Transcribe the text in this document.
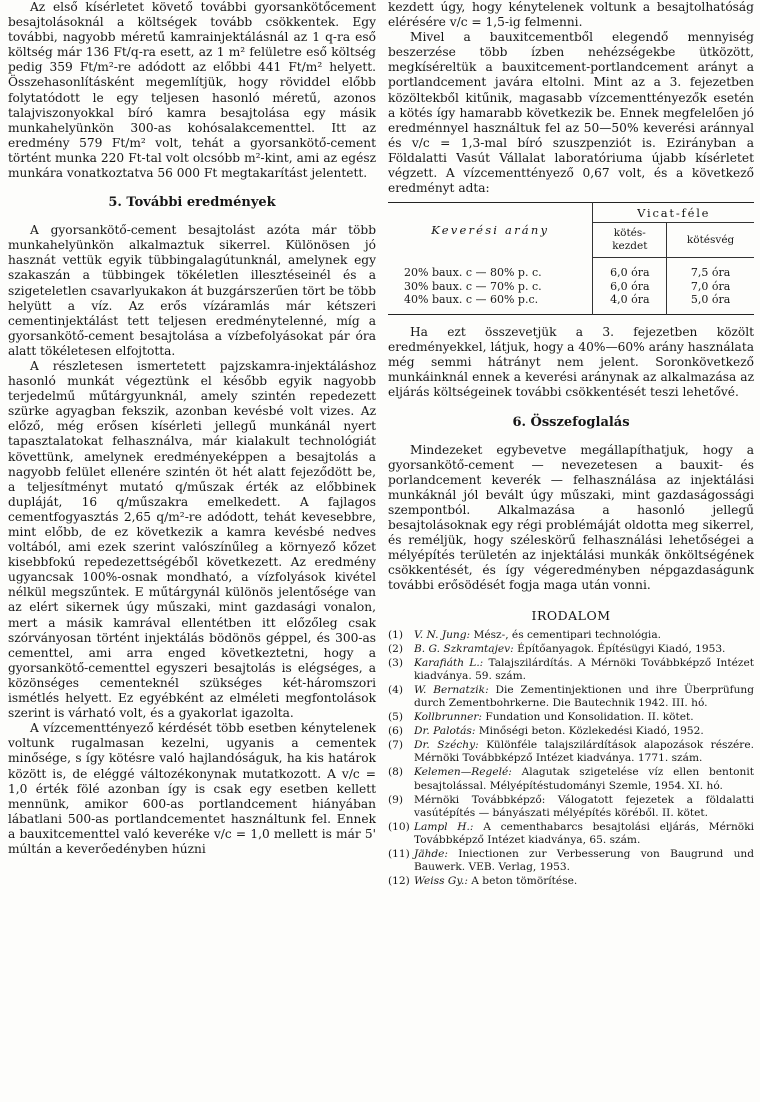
Az első kísérletet követő további gyorsankötőcement besajtolásoknál a költségek tovább csökkentek. Egy további, nagyobb méretű kamrainjektálásnál az 1 q-ra eső költség már 136 Ft/q-ra esett, az 1 m² felületre eső költség pedig 359 Ft/m²-re adódott az előbbi 441 Ft/m² helyett. Összehasonlításként megemlítjük, hogy röviddel előbb folytatódott le egy teljesen hasonló méretű, azonos talajviszonyokkal bíró kamra besajtolása egy másik munkahelyünkön 300-as kohósalakcementtel. Itt az eredmény 579 Ft/m² volt, tehát a gyorsankötő-cement történt munka 220 Ft-tal volt olcsóbb m²-kint, ami az egész munkára vonatkoztatva 56 000 Ft megtakarítást jelentett.

5. További eredmények

A gyorsankötő-cement besajtolást azóta már több munkahelyünkön alkalmaztuk sikerrel. Különösen jó hasznát vettük egyik tübbingalagútunknál, amelynek egy szakaszán a tübbingek tökéletlen illesztéseinél és a szigeteletlen csavarlyukakon át buzgárszerűen tört be több helyütt a víz. Az erős vízáramlás már kétszeri cementinjektálást tett teljesen eredménytelenné, míg a gyorsankötő-cement besajtolása a vízbefolyásokat pár óra alatt tökéletesen elfojtotta.

A részletesen ismertetett pajzskamra-injektáláshoz hasonló munkát végeztünk el később egyik nagyobb terjedelmű műtárgyunknál, amely szintén repedezett szürke agyagban fekszik, azonban kevésbé volt vizes. Az előző, még erősen kísérleti jellegű munkánál nyert tapasztalatokat felhasználva, már kialakult technológiát követtünk, amelynek eredményeképpen a besajtolás a nagyobb felület ellenére szintén öt hét alatt fejeződött be, a teljesítményt mutató q/műszak érték az előbbinek dupláját, 16 q/műszakra emelkedett. A fajlagos cementfogyasztás 2,65 q/m²-re adódott, tehát kevesebbre, mint előbb, de ez következik a kamra kevésbé nedves voltából, ami ezek szerint valószínűleg a környező kőzet kisebbfokú repedezettségéből következett. Az eredmény ugyancsak 100%-osnak mondható, a vízfolyások kivétel nélkül megszűntek. E műtárgynál különös jelentősége van az elért sikernek úgy műszaki, mint gazdasági vonalon, mert a másik kamrával ellentétben itt előzőleg csak szórványosan történt injektálás bödönös géppel, és 300-as cementtel, ami arra enged következtetni, hogy a gyorsankötő-cementtel egyszeri besajtolás is elégséges, a közönséges cementeknél szükséges két-háromszori ismétlés helyett. Ez egyébként az elméleti megfontolások szerint is várható volt, és a gyakorlat igazolta.

A vízcementtényező kérdését több esetben kénytelenek voltunk rugalmasan kezelni, ugyanis a cementek minősége, s így kötésre való hajlandóságuk, ha kis határok között is, de eléggé változékonynak mutatkozott. A v/c = 1,0 érték fölé azonban így is csak egy esetben kellett mennünk, amikor 600-as portlandcement hiányában lábatlani 500-as portlandcementet használtunk fel. Ennek a bauxitcementtel való keveréke v/c = 1,0 mellett is már 5' múltán a keverőedényben húzni

kezdett úgy, hogy kénytelenek voltunk a besajtolhatóság elérésére v/c = 1,5-ig felmenni.

Mivel a bauxitcementből elegendő mennyiség beszerzése több ízben nehézségekbe ütközött, megkíséreltük a bauxitcement-portlandcement arányt a portlandcement javára eltolni. Mint az a 3. fejezetben közöltekből kitűnik, magasabb vízcementtényezők esetén a kötés így hamarabb következik be. Ennek megfelelően jó eredménnyel használtuk fel az 50—50% keverési aránnyal és v/c = 1,3-mal bíró szuszpenziót is. Ezirányban a Földalatti Vasút Vállalat laboratóriuma újabb kísérletet végzett. A vízcementtényező 0,67 volt, és a következő eredményt adta:

Keverési arány	Vicat-féle	
	kötés-
kezdet	kötésvég
20% baux. c — 80% p. c.	6,0 óra	7,5 óra
30% baux. c — 70% p. c.	6,0 óra	7,0 óra
40% baux. c — 60% p.c.	4,0 óra	5,0 óra

Ha ezt összevetjük a 3. fejezetben közölt eredményekkel, látjuk, hogy a 40%—60% arány használata még semmi hátrányt nem jelent. Soronkövetkező munkáinknál ennek a keverési aránynak az alkalmazása az eljárás költségeinek további csökkentését teszi lehetővé.

6. Összefoglalás

Mindezeket egybevetve megállapíthatjuk, hogy a gyorsankötő-cement — nevezetesen a bauxit- és porlandcement keverék — felhasználása az injektálási munkáknál jól bevált úgy műszaki, mint gazdaságossági szempontból. Alkalmazása a hasonló jellegű besajtolásoknak egy régi problémáját oldotta meg sikerrel, és reméljük, hogy széleskörű felhasználási lehetőségei a mélyépítés területén az injektálási munkák önköltségének csökkentését, és így végeredményben népgazdaságunk további erősödését fogja maga után vonni.

IRODALOM
(1)	V. N. Jung: Mész-, és cementipari technológia.
(2)	B. G. Szkramtajev: Építőanyagok. Építésügyi Kiadó, 1953.
(3)	Karafiáth L.: Talajszilárdítás. A Mérnöki Továbbképző Intézet kiadványa. 59. szám.
(4)	W. Bernatzik: Die Zementinjektionen und ihre Überprüfung durch Zementbohrkerne. Die Bautechnik 1942. III. hó.
(5)	Kollbrunner: Fundation und Konsolidation. II. kötet.
(6)	Dr. Palotás: Minőségi beton. Közlekedési Kiadó, 1952.
(7)	Dr. Széchy: Különféle talajszilárdítások alapozások részére. Mérnöki Továbbképző Intézet kiadványa. 1771. szám.
(8)	Kelemen—Regelé: Alagutak szigetelése víz ellen bentonit besajtolással. Mélyépítéstudományi Szemle, 1954. XI. hó.
(9)	Mérnöki Továbbképző: Válogatott fejezetek a földalatti vasútépítés — bányászati mélyépítés köréből. II. kötet.
(10) Lampl H.: A cementhabarcs besajtolási eljárás, Mérnöki Továbbképző Intézet kiadványa, 65. szám.
(11) Jähde: Iniectionen zur Verbesserung von Baugrund und Bauwerk. VEB. Verlag, 1953.
(12) Weiss Gy.: A beton tömörítése.
